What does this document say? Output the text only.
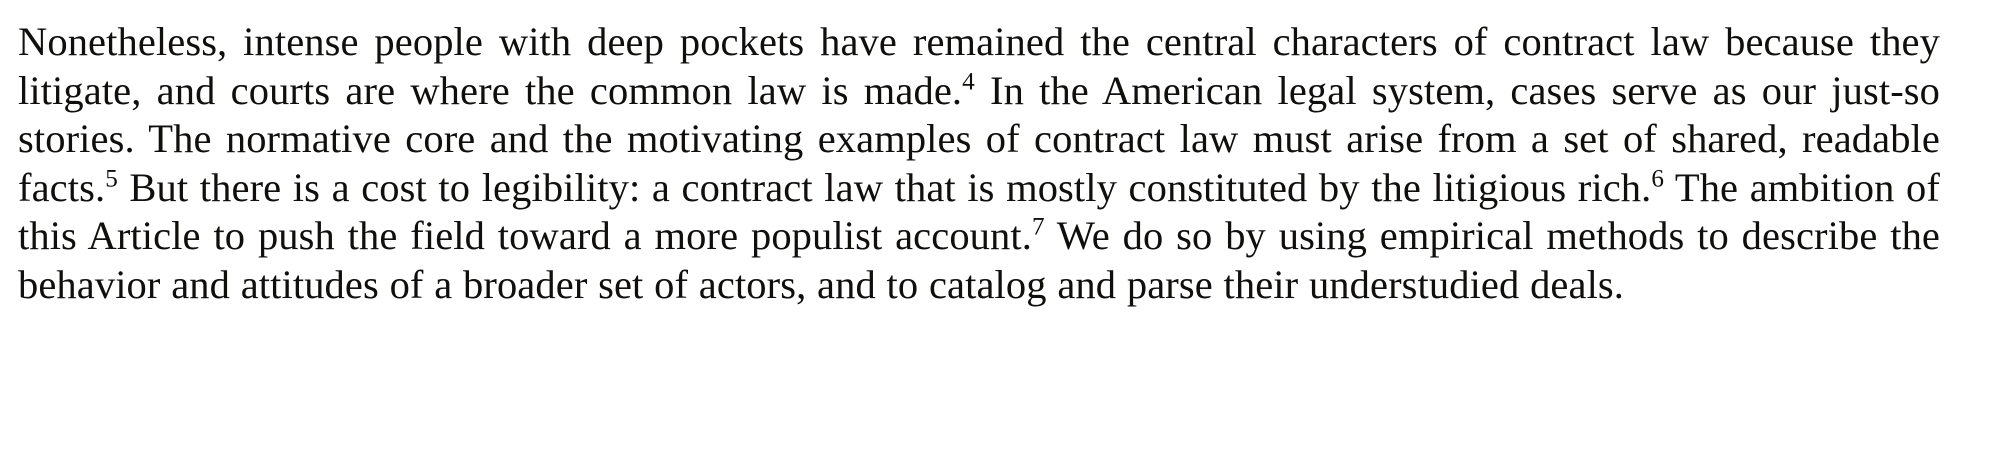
Nonetheless, intense people with deep pockets have remained the central characters of contract law because they litigate, and courts are where the common law is made.$^4$ In the American legal system, cases serve as our just-so stories. The normative core and the motivating examples of contract law must arise from a set of shared, readable facts.$^5$ But there is a cost to legibility: a contract law that is mostly constituted by the litigious rich.$^6$ The ambition of this Article to push the field toward a more populist account.$^7$ We do so by using empirical methods to describe the behavior and attitudes of a broader set of actors, and to catalog and parse their understudied deals.
